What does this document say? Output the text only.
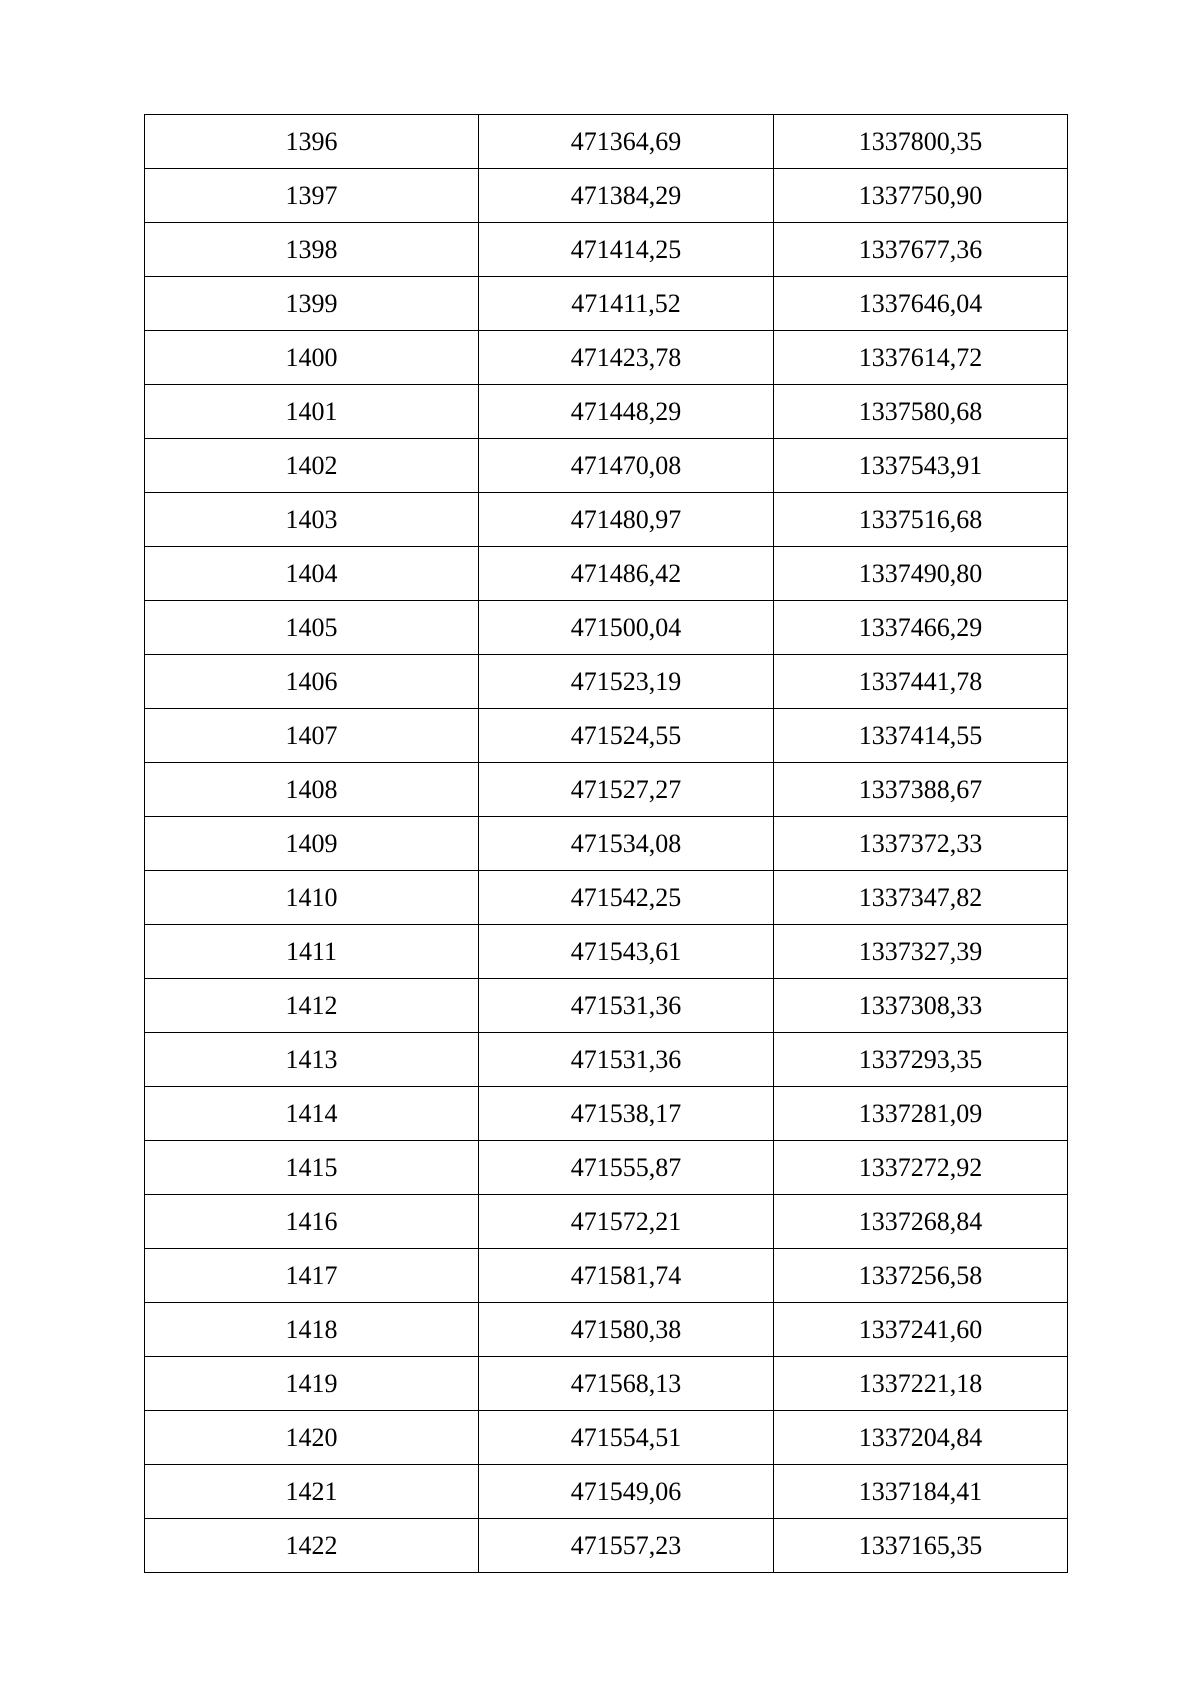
1396	471364,69	1337800,35
1397	471384,29	1337750,90
1398	471414,25	1337677,36
1399	471411,52	1337646,04
1400	471423,78	1337614,72
1401	471448,29	1337580,68
1402	471470,08	1337543,91
1403	471480,97	1337516,68
1404	471486,42	1337490,80
1405	471500,04	1337466,29
1406	471523,19	1337441,78
1407	471524,55	1337414,55
1408	471527,27	1337388,67
1409	471534,08	1337372,33
1410	471542,25	1337347,82
1411	471543,61	1337327,39
1412	471531,36	1337308,33
1413	471531,36	1337293,35
1414	471538,17	1337281,09
1415	471555,87	1337272,92
1416	471572,21	1337268,84
1417	471581,74	1337256,58
1418	471580,38	1337241,60
1419	471568,13	1337221,18
1420	471554,51	1337204,84
1421	471549,06	1337184,41
1422	471557,23	1337165,35
